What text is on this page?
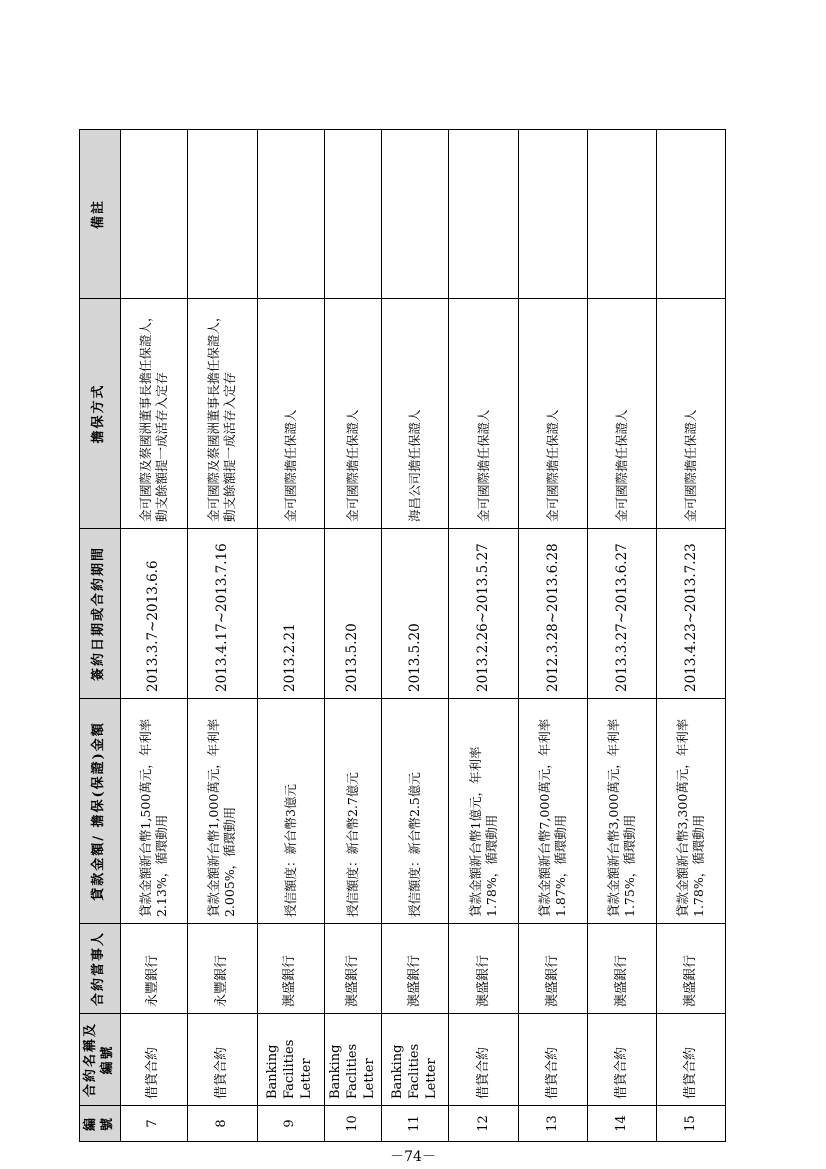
編號	合約名稱及編號	合約當事人	貸款金額/ 擔保(保證)金額	簽約日期或合約期間	擔保方式	備註
7	借貸合約	永豐銀行	貸款金額新台幣1,500萬元，年利率2.13%，循環動用	2013.3.7~2013.6.6	金可國際及蔡國洲董事長擔任保證人，動支餘額提一成活存入定存	
8	借貸合約	永豐銀行	貸款金額新台幣1,000萬元，年利率2.005%，循環動用	2013.4.17~2013.7.16	金可國際及蔡國洲董事長擔任保證人，動支餘額提一成活存入定存	
9	Banking Facilities Letter	澳盛銀行	授信額度：新台幣3億元	2013.2.21	金可國際擔任保證人	
10	Banking Faclities Letter	澳盛銀行	授信額度：新台幣2.7億元	2013.5.20	金可國際擔任保證人	
11	Banking Faclities Letter	澳盛銀行	授信額度：新台幣2.5億元	2013.5.20	海昌公司擔任保證人	
12	借貸合約	澳盛銀行	貸款金額新台幣1億元，年利率1.78%，循環動用	2013.2.26~2013.5.27	金可國際擔任保證人	
13	借貸合約	澳盛銀行	貸款金額新台幣7,000萬元，年利率1.87%，循環動用	2012.3.28~2013.6.28	金可國際擔任保證人	
14	借貸合約	澳盛銀行	貸款金額新台幣3,000萬元，年利率1.75%，循環動用	2013.3.27~2013.6.27	金可國際擔任保證人	
15	借貸合約	澳盛銀行	貸款金額新台幣3,300萬元，年利率1.78%，循環動用	2013.4.23~2013.7.23	金可國際擔任保證人	
－74－
